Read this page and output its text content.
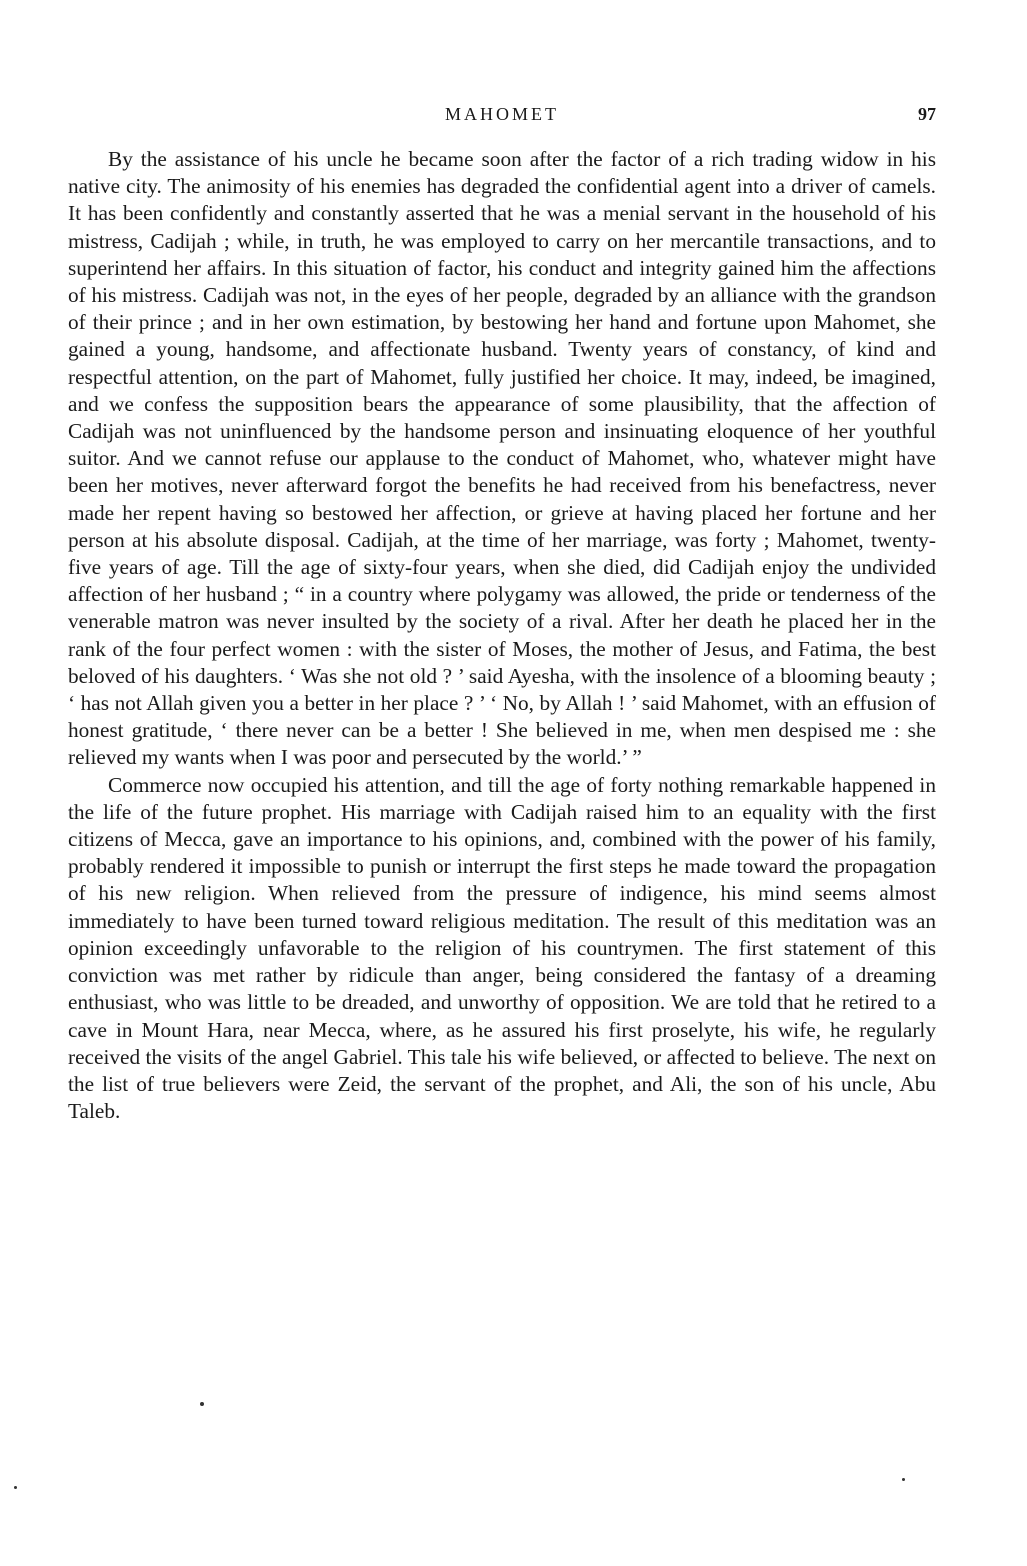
MAHOMET	97

By the assistance of his uncle he became soon after the factor of a rich trading widow in his native city. The animosity of his enemies has degraded the confidential agent into a driver of camels. It has been confidently and constantly asserted that he was a menial servant in the household of his mistress, Cadijah ; while, in truth, he was employed to carry on her mercantile transactions, and to superintend her affairs. In this situation of factor, his conduct and integrity gained him the affections of his mistress. Cadijah was not, in the eyes of her people, degraded by an alliance with the grandson of their prince ; and in her own estimation, by bestowing her hand and fortune upon Mahomet, she gained a young, handsome, and affectionate husband. Twenty years of constancy, of kind and respectful attention, on the part of Mahomet, fully justified her choice. It may, indeed, be imagined, and we confess the supposition bears the appearance of some plausibility, that the affection of Cadijah was not uninfluenced by the handsome person and insinuating eloquence of her youthful suitor. And we cannot refuse our applause to the conduct of Mahomet, who, whatever might have been her motives, never afterward forgot the benefits he had received from his benefactress, never made her repent having so bestowed her affection, or grieve at having placed her fortune and her person at his absolute disposal. Cadijah, at the time of her marriage, was forty ; Mahomet, twenty-five years of age. Till the age of sixty-four years, when she died, did Cadijah enjoy the undivided affection of her husband ; “ in a country where polygamy was allowed, the pride or tenderness of the venerable matron was never insulted by the society of a rival. After her death he placed her in the rank of the four perfect women : with the sister of Moses, the mother of Jesus, and Fatima, the best beloved of his daughters. ‘ Was she not old ? ’ said Ayesha, with the insolence of a blooming beauty ; ‘ has not Allah given you a better in her place ? ’ ‘ No, by Allah ! ’ said Mahomet, with an effusion of honest gratitude, ‘ there never can be a better ! She believed in me, when men despised me : she relieved my wants when I was poor and persecuted by the world.’ ”

Commerce now occupied his attention, and till the age of forty nothing remarkable happened in the life of the future prophet. His marriage with Cadijah raised him to an equality with the first citizens of Mecca, gave an importance to his opinions, and, combined with the power of his family, probably rendered it impossible to punish or interrupt the first steps he made toward the propagation of his new religion. When relieved from the pressure of indigence, his mind seems almost immediately to have been turned toward religious meditation. The result of this meditation was an opinion exceedingly unfavorable to the religion of his countrymen. The first statement of this conviction was met rather by ridicule than anger, being considered the fantasy of a dreaming enthusiast, who was little to be dreaded, and unworthy of opposition. We are told that he retired to a cave in Mount Hara, near Mecca, where, as he assured his first proselyte, his wife, he regularly received the visits of the angel Gabriel. This tale his wife believed, or affected to believe. The next on the list of true believers were Zeid, the servant of the prophet, and Ali, the son of his uncle, Abu Taleb.
